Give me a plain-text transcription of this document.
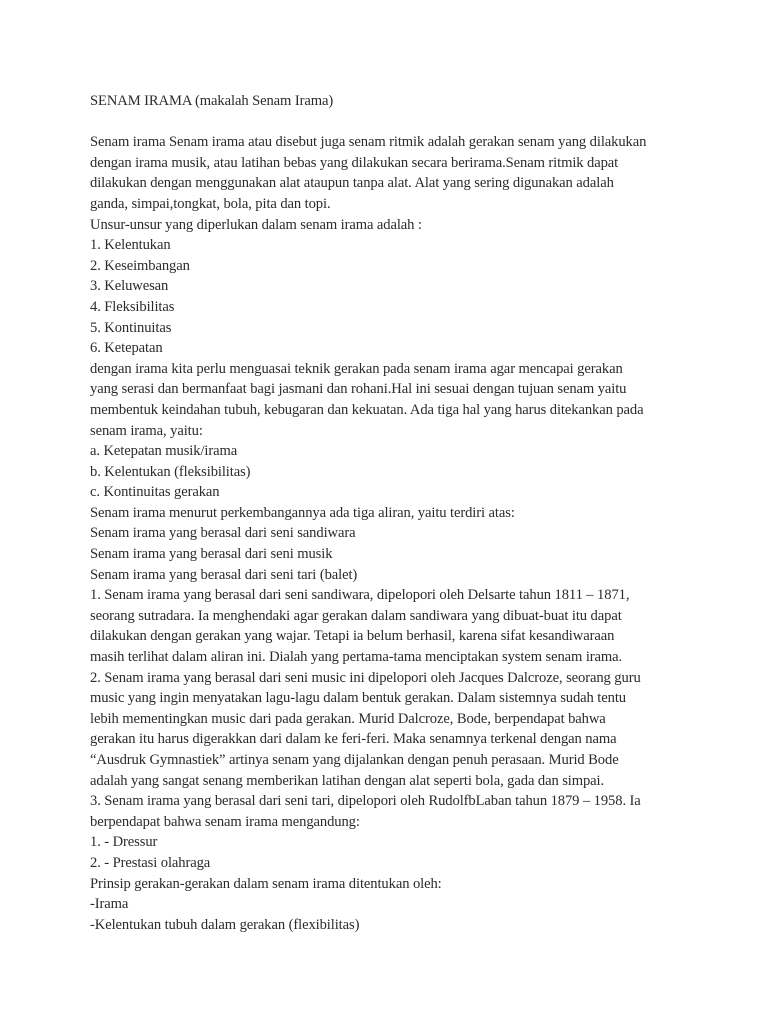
SENAM IRAMA (makalah Senam Irama)
Senam irama Senam irama atau disebut juga senam ritmik adalah gerakan senam yang dilakukan
dengan irama musik, atau latihan bebas yang dilakukan secara berirama.Senam ritmik dapat
dilakukan dengan menggunakan alat ataupun tanpa alat. Alat yang sering digunakan adalah
ganda, simpai,tongkat, bola, pita dan topi.
Unsur-unsur yang diperlukan dalam senam irama adalah :
1. Kelentukan
2. Keseimbangan
3. Keluwesan
4. Fleksibilitas
5. Kontinuitas
6. Ketepatan
dengan irama kita perlu menguasai teknik gerakan pada senam irama agar mencapai gerakan
yang serasi dan bermanfaat bagi jasmani dan rohani.Hal ini sesuai dengan tujuan senam yaitu
membentuk keindahan tubuh, kebugaran dan kekuatan. Ada tiga hal yang harus ditekankan pada
senam irama, yaitu:
a. Ketepatan musik/irama
b. Kelentukan (fleksibilitas)
c. Kontinuitas gerakan
Senam irama menurut perkembangannya ada tiga aliran, yaitu terdiri atas:
Senam irama yang berasal dari seni sandiwara
Senam irama yang berasal dari seni musik
Senam irama yang berasal dari seni tari (balet)
1. Senam irama yang berasal dari seni sandiwara, dipelopori oleh Delsarte tahun 1811 – 1871,
seorang sutradara. Ia menghendaki agar gerakan dalam sandiwara yang dibuat-buat itu dapat
dilakukan dengan gerakan yang wajar. Tetapi ia belum berhasil, karena sifat kesandiwaraan
masih terlihat dalam aliran ini. Dialah yang pertama-tama menciptakan system senam irama.
2. Senam irama yang berasal dari seni music ini dipelopori oleh Jacques Dalcroze, seorang guru
music yang ingin menyatakan lagu-lagu dalam bentuk gerakan. Dalam sistemnya sudah tentu
lebih mementingkan music dari pada gerakan. Murid Dalcroze, Bode, berpendapat bahwa
gerakan itu harus digerakkan dari dalam ke feri-feri. Maka senamnya terkenal dengan nama
“Ausdruk Gymnastiek” artinya senam yang dijalankan dengan penuh perasaan. Murid Bode
adalah yang sangat senang memberikan latihan dengan alat seperti bola, gada dan simpai.
3. Senam irama yang berasal dari seni tari, dipelopori oleh RudolfbLaban tahun 1879 – 1958. Ia
berpendapat bahwa senam irama mengandung:
1. - Dressur
2. - Prestasi olahraga
Prinsip gerakan-gerakan dalam senam irama ditentukan oleh:
-Irama
-Kelentukan tubuh dalam gerakan (flexibilitas)
